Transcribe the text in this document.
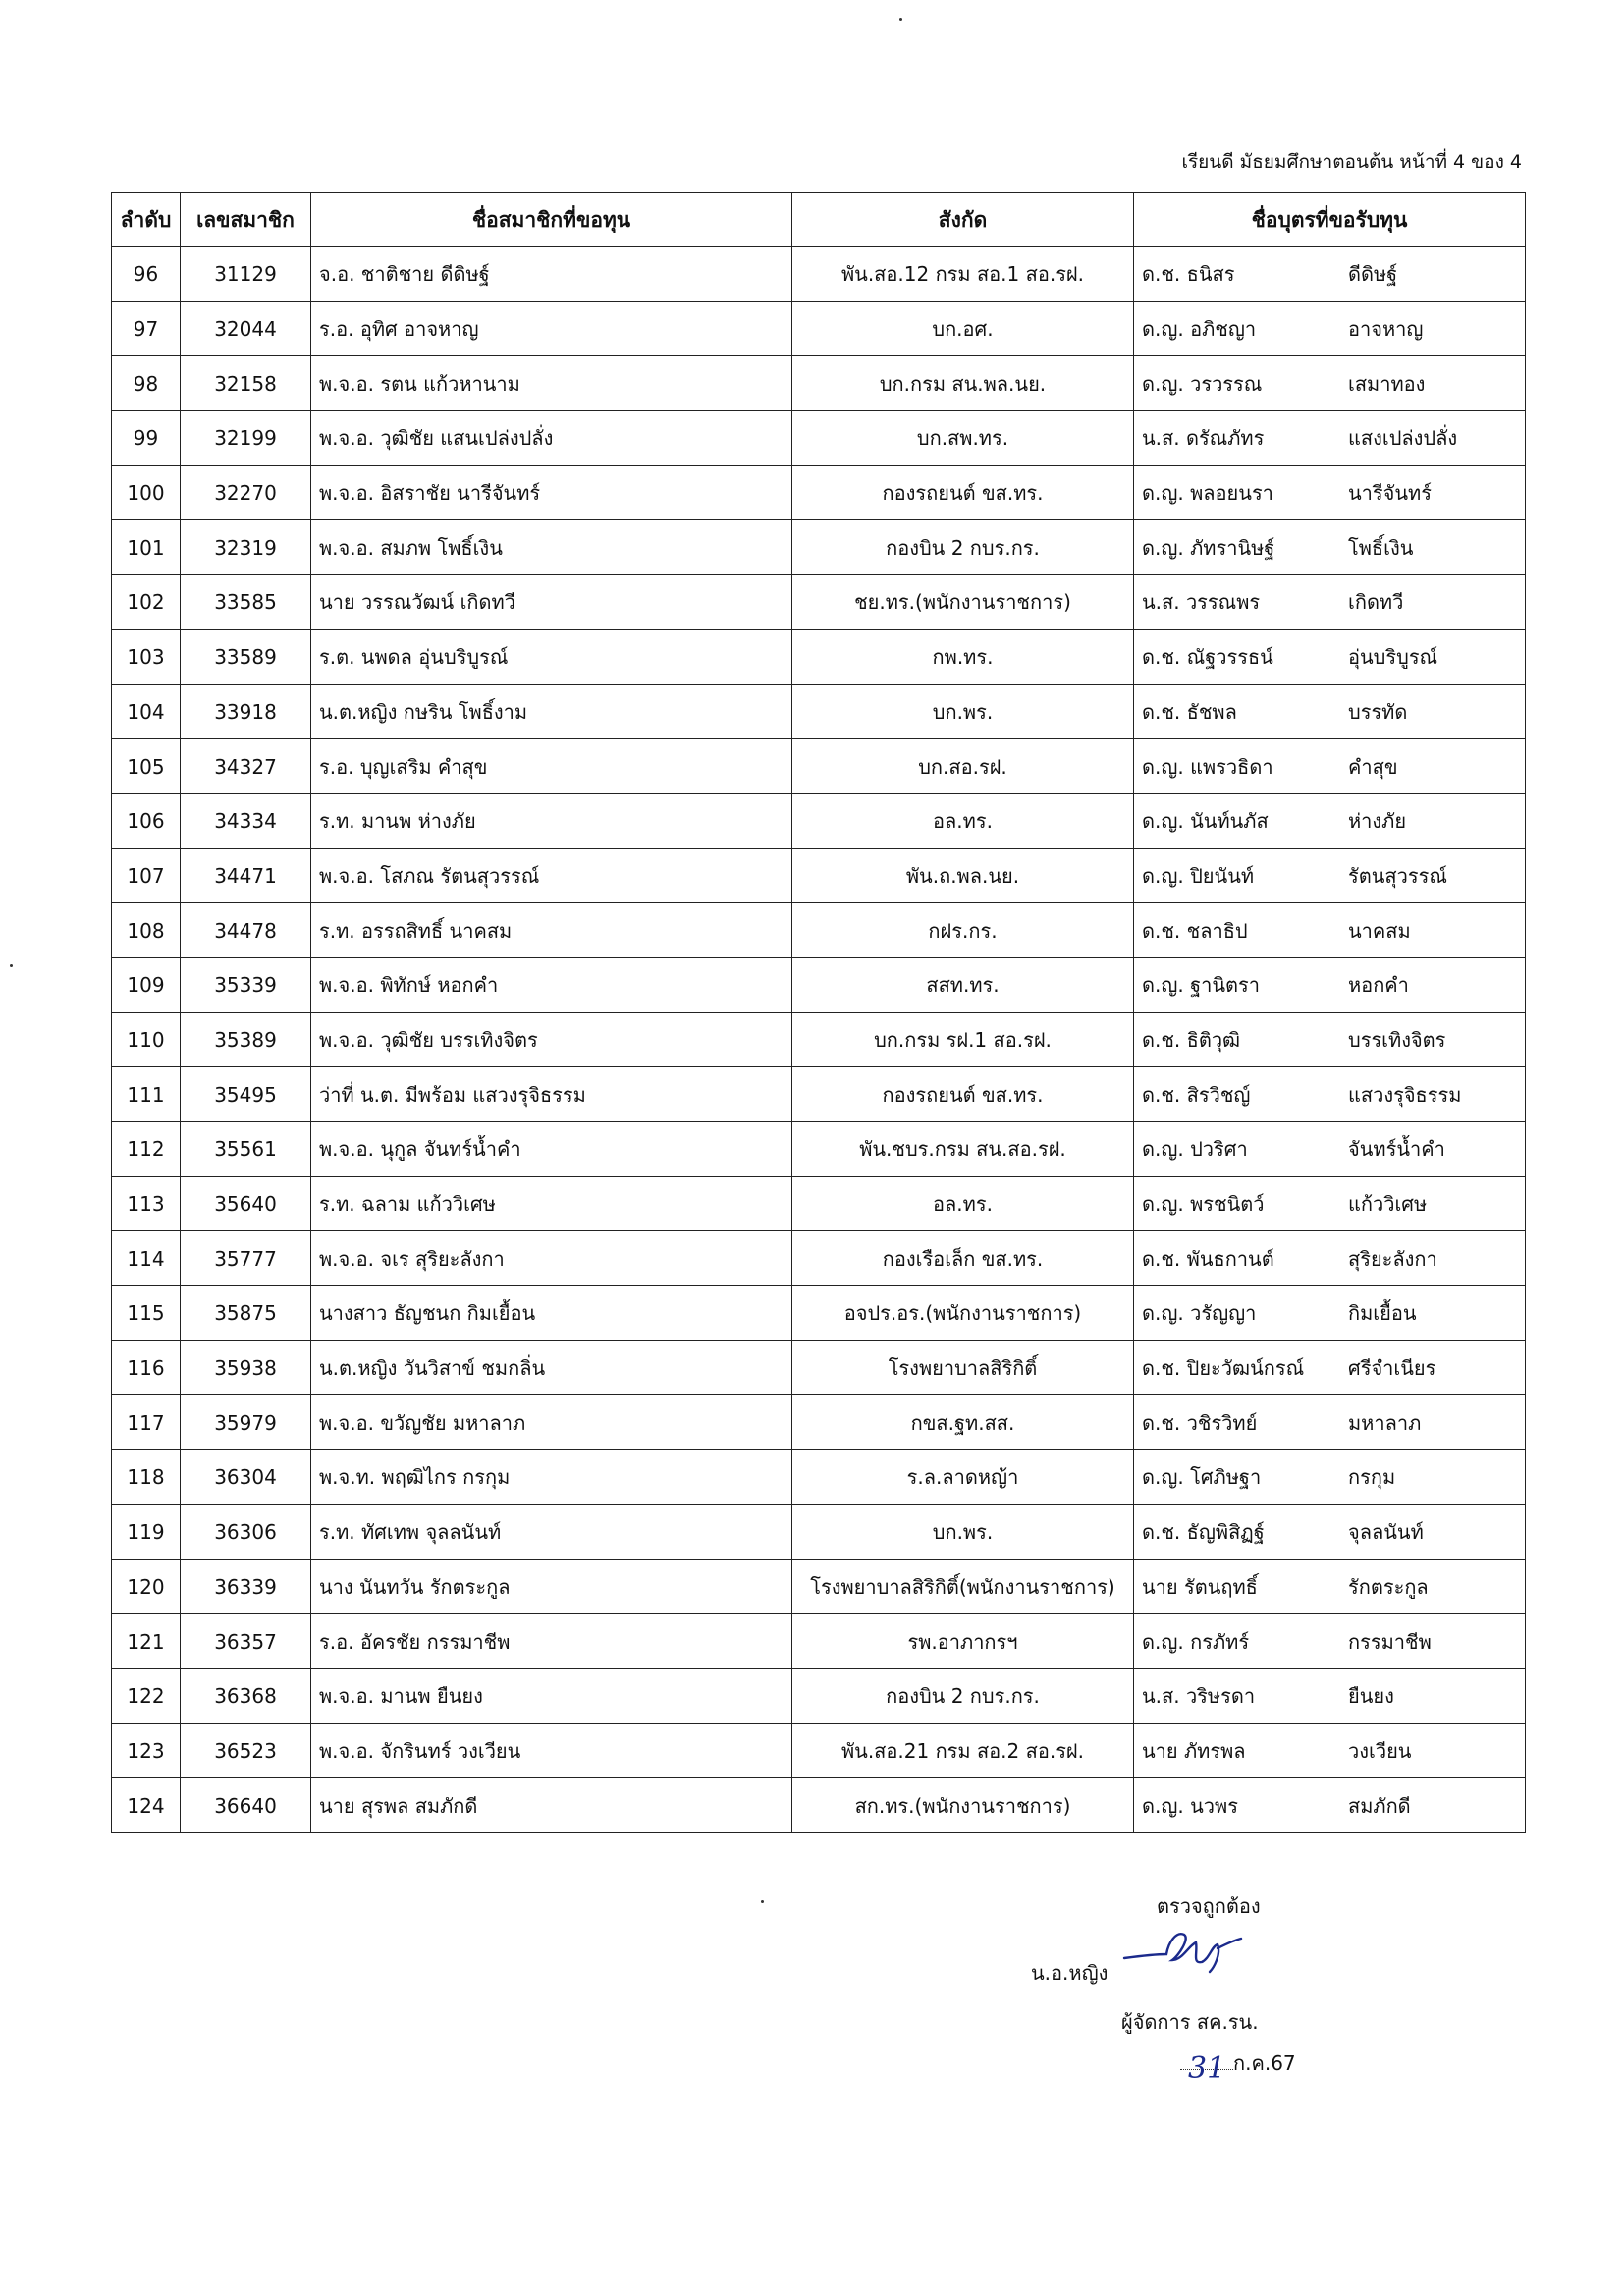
เรียนดี มัธยมศึกษาตอนต้น หน้าที่ 4 ของ 4
ลำดับ	เลขสมาชิก	ชื่อสมาชิกที่ขอทุน	สังกัด	ชื่อบุตรที่ขอรับทุน
96	31129	จ.อ. ชาติชาย ดีดิษฐ์	พัน.สอ.12 กรม สอ.1 สอ.รฝ.	ด.ช. ธนิสร ดีดิษฐ์
97	32044	ร.อ. อุทิศ อาจหาญ	บก.อศ.	ด.ญ. อภิชญา อาจหาญ
98	32158	พ.จ.อ. รตน แก้วหานาม	บก.กรม สน.พล.นย.	ด.ญ. วรวรรณ เสมาทอง
99	32199	พ.จ.อ. วุฒิชัย แสนเปล่งปลั่ง	บก.สพ.ทร.	น.ส. ดรัณภัทร แสงเปล่งปลั่ง
100	32270	พ.จ.อ. อิสราชัย นารีจันทร์	กองรถยนต์ ขส.ทร.	ด.ญ. พลอยนรา นารีจันทร์
101	32319	พ.จ.อ. สมภพ โพธิ์เงิน	กองบิน 2 กบร.กร.	ด.ญ. ภัทรานิษฐ์ โพธิ์เงิน
102	33585	นาย วรรณวัฒน์ เกิดทวี	ชย.ทร.(พนักงานราชการ)	น.ส. วรรณพร เกิดทวี
103	33589	ร.ต. นพดล อุ่นบริบูรณ์	กพ.ทร.	ด.ช. ณัฐวรรธน์ อุ่นบริบูรณ์
104	33918	น.ต.หญิง กษริน โพธิ์งาม	บก.พร.	ด.ช. ธัชพล บรรทัด
105	34327	ร.อ. บุญเสริม คำสุข	บก.สอ.รฝ.	ด.ญ. แพรวธิดา คำสุข
106	34334	ร.ท. มานพ ห่างภัย	อล.ทร.	ด.ญ. นันท์นภัส ห่างภัย
107	34471	พ.จ.อ. โสภณ รัตนสุวรรณ์	พัน.ถ.พล.นย.	ด.ญ. ปิยนันท์ รัตนสุวรรณ์
108	34478	ร.ท. อรรถสิทธิ์ นาคสม	กฝร.กร.	ด.ช. ชลาธิป นาคสม
109	35339	พ.จ.อ. พิทักษ์ หอกคำ	สสท.ทร.	ด.ญ. ฐานิตรา หอกคำ
110	35389	พ.จ.อ. วุฒิชัย บรรเทิงจิตร	บก.กรม รฝ.1 สอ.รฝ.	ด.ช. ธิติวุฒิ บรรเทิงจิตร
111	35495	ว่าที่ น.ต. มีพร้อม แสวงรุจิธรรม	กองรถยนต์ ขส.ทร.	ด.ช. สิรวิชญ์ แสวงรุจิธรรม
112	35561	พ.จ.อ. นุกูล จันทร์น้ำคำ	พัน.ชบร.กรม สน.สอ.รฝ.	ด.ญ. ปวริศา จันทร์น้ำคำ
113	35640	ร.ท. ฉลาม แก้ววิเศษ	อล.ทร.	ด.ญ. พรชนิตว์ แก้ววิเศษ
114	35777	พ.จ.อ. จเร สุริยะลังกา	กองเรือเล็ก ขส.ทร.	ด.ช. พันธกานต์ สุริยะลังกา
115	35875	นางสาว ธัญชนก กิมเยื้อน	อจปร.อร.(พนักงานราชการ)	ด.ญ. วรัญญา กิมเยื้อน
116	35938	น.ต.หญิง วันวิสาข์ ชมกลิ่น	โรงพยาบาลสิริกิติ์	ด.ช. ปิยะวัฒน์กรณ์ ศรีจำเนียร
117	35979	พ.จ.อ. ขวัญชัย มหาลาภ	กขส.ฐท.สส.	ด.ช. วชิรวิทย์ มหาลาภ
118	36304	พ.จ.ท. พฤฒิไกร กรกุม	ร.ล.ลาดหญ้า	ด.ญ. โศภิษฐา กรกุม
119	36306	ร.ท. ทัศเทพ จุลลนันท์	บก.พร.	ด.ช. ธัญพิสิฏฐ์ จุลลนันท์
120	36339	นาง นันทวัน รักตระกูล	โรงพยาบาลสิริกิติ์(พนักงานราชการ)	นาย รัตนฤทธิ์ รักตระกูล
121	36357	ร.อ. อัครชัย กรรมาชีพ	รพ.อาภากรฯ	ด.ญ. กรภัทร์ กรรมาชีพ
122	36368	พ.จ.อ. มานพ ยืนยง	กองบิน 2 กบร.กร.	น.ส. วริษรดา ยืนยง
123	36523	พ.จ.อ. จักรินทร์ วงเวียน	พัน.สอ.21 กรม สอ.2 สอ.รฝ.	นาย ภัทรพล วงเวียน
124	36640	นาย สุรพล สมภักดี	สก.ทร.(พนักงานราชการ)	ด.ญ. นวพร สมภักดี
ตรวจถูกต้อง
น.อ.หญิง
ผู้จัดการ สค.รน.
31 ก.ค.67
